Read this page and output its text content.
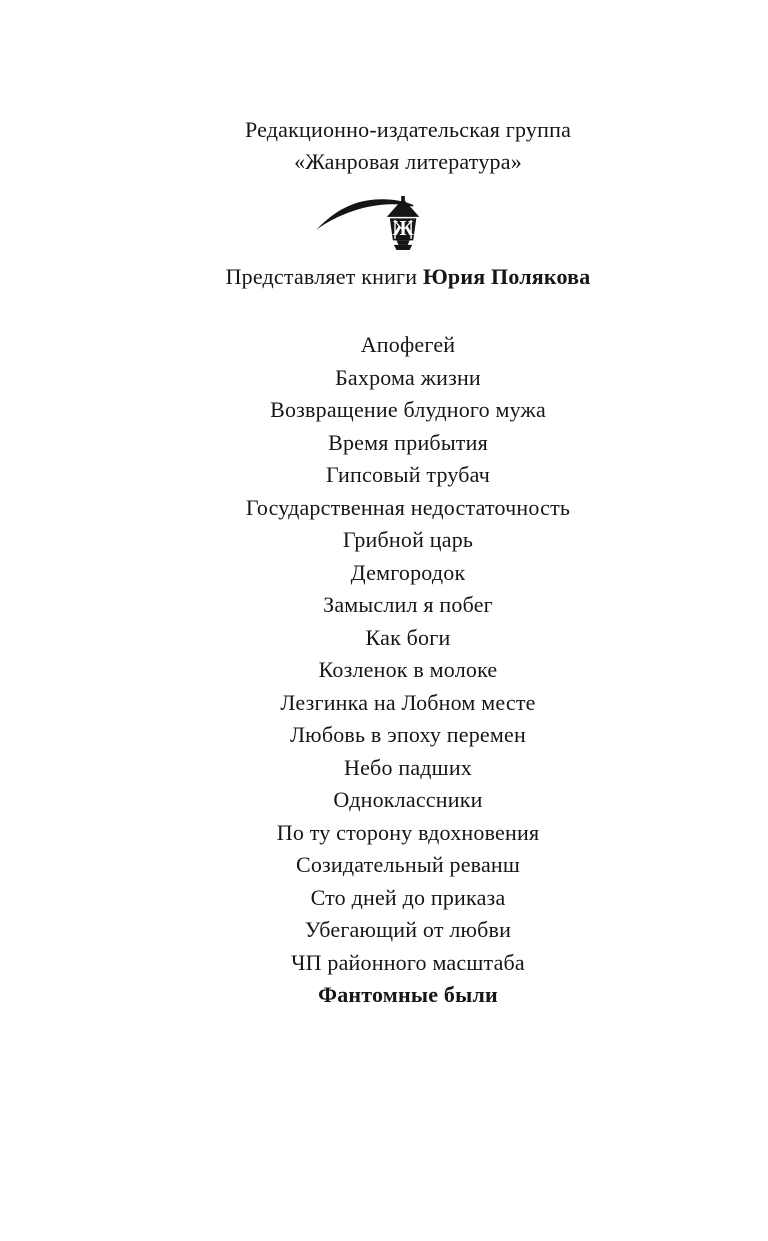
Редакционно-издательская группа
«Жанровая литература»
Ж
Представляет книги Юрия Полякова
Апофегей
Бахрома жизни
Возвращение блудного мужа
Время прибытия
Гипсовый трубач
Государственная недостаточность
Грибной царь
Демгородок
Замыслил я побег
Как боги
Козленок в молоке
Лезгинка на Лобном месте
Любовь в эпоху перемен
Небо падших
Одноклассники
По ту сторону вдохновения
Созидательный реванш
Сто дней до приказа
Убегающий от любви
ЧП районного масштаба
Фантомные были
